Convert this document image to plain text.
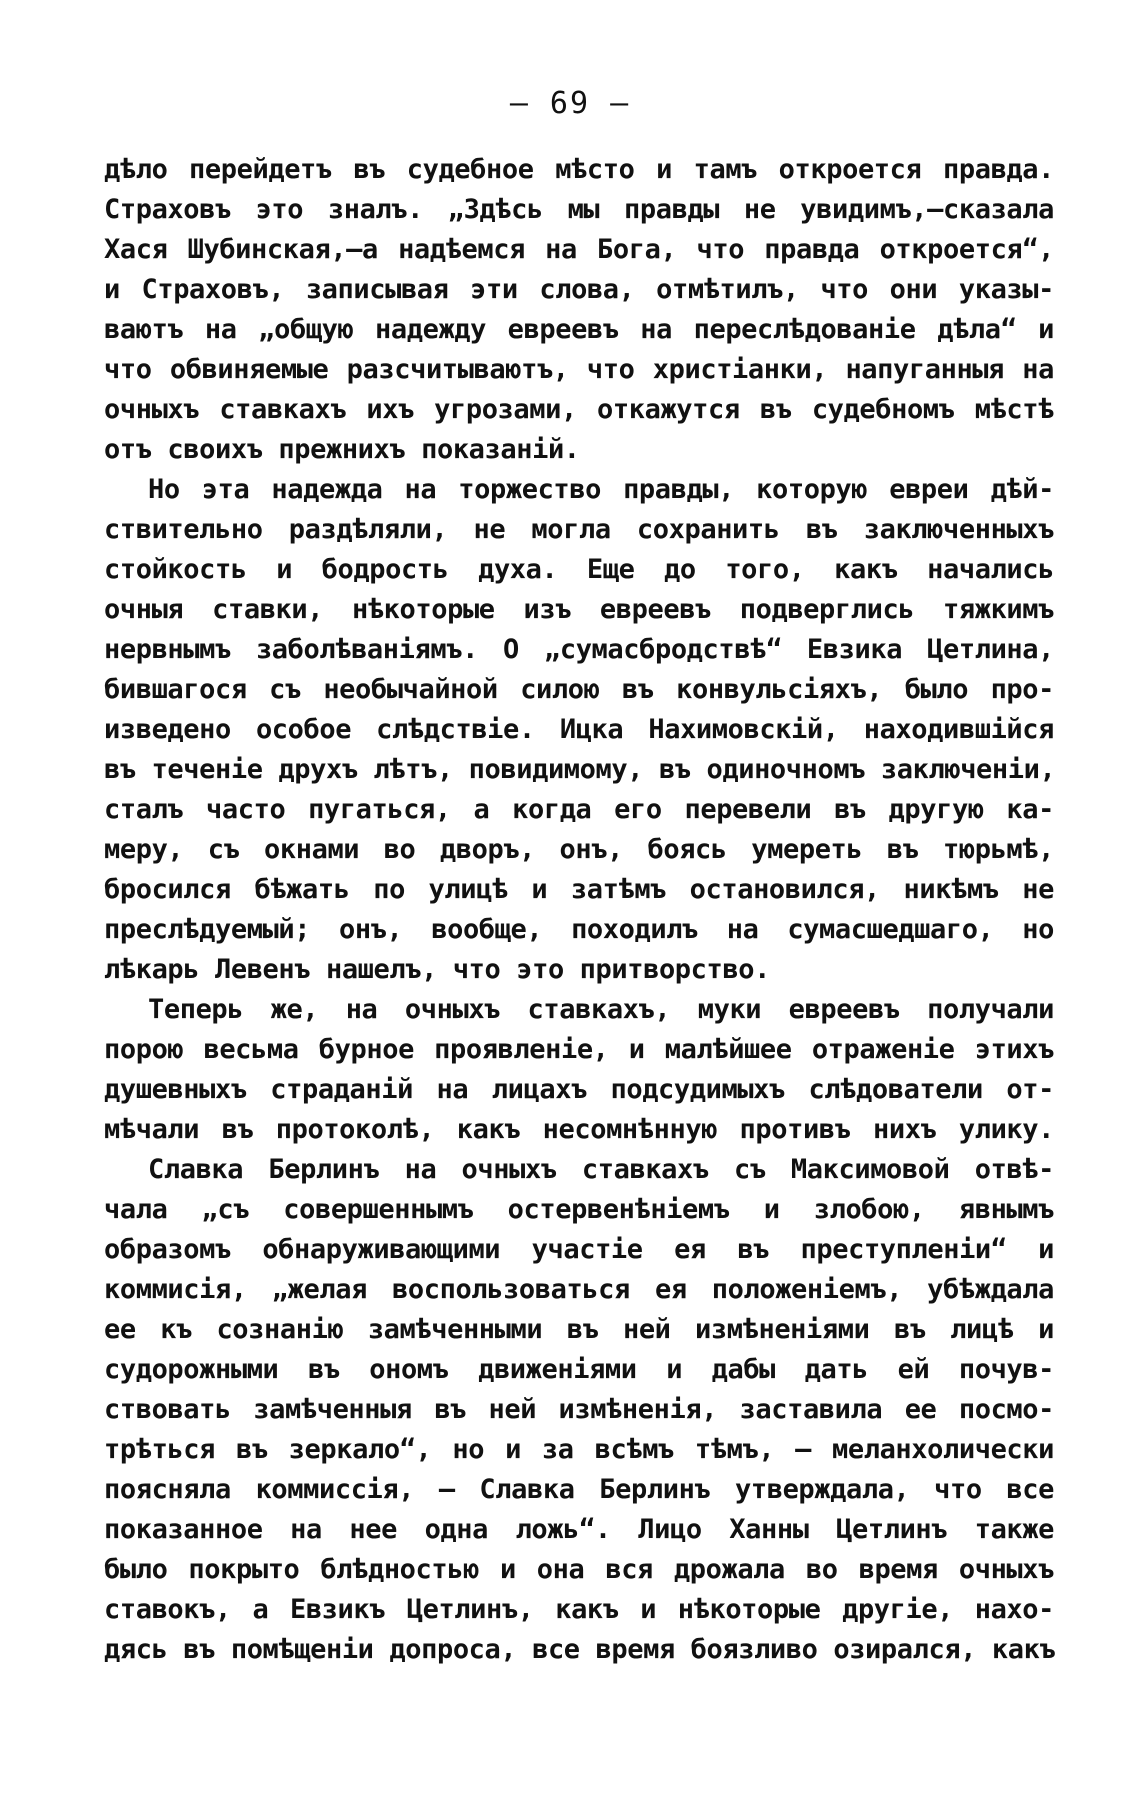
— 69 —
дѣло перейдетъ въ судебное мѣсто и тамъ откроется правда.
Страховъ это зналъ. „Здѣсь мы правды не увидимъ,—сказала
Хася Шубинская,—а надѣемся на Бога, что правда откроется“,
и Страховъ, записывая эти слова, отмѣтилъ, что они указы-
ваютъ на „общую надежду евреевъ на переслѣдованіе дѣла“ и
что обвиняемые разсчитываютъ, что христіанки, напуганныя на
очныхъ ставкахъ ихъ угрозами, откажутся въ судебномъ мѣстѣ
отъ своихъ прежнихъ показаній.
Но эта надежда на торжество правды, которую евреи дѣй-
ствительно раздѣляли, не могла сохранить въ заключенныхъ
стойкость и бодрость духа. Еще до того, какъ начались
очныя ставки, нѣкоторые изъ евреевъ подверглись тяжкимъ
нервнымъ заболѣваніямъ. О „сумасбродствѣ“ Евзика Цетлина,
бившагося съ необычайной силою въ конвульсіяхъ, было про-
изведено особое слѣдствіе. Ицка Нахимовскій, находившійся
въ теченіе друхъ лѣтъ, повидимому, въ одиночномъ заключеніи,
сталъ часто пугаться, а когда его перевели въ другую ка-
меру, съ окнами во дворъ, онъ, боясь умереть въ тюрьмѣ,
бросился бѣжать по улицѣ и затѣмъ остановился, никѣмъ не
преслѣдуемый; онъ, вообще, походилъ на сумасшедшаго, но
лѣкарь Левенъ нашелъ, что это притворство.
Теперь же, на очныхъ ставкахъ, муки евреевъ получали
порою весьма бурное проявленіе, и малѣйшее отраженіе этихъ
душевныхъ страданій на лицахъ подсудимыхъ слѣдователи от-
мѣчали въ протоколѣ, какъ несомнѣнную противъ нихъ улику.
Славка Берлинъ на очныхъ ставкахъ съ Максимовой отвѣ-
чала „съ совершеннымъ остервенѣніемъ и злобою, явнымъ
образомъ обнаруживающими участіе ея въ преступленіи“ и
коммисія, „желая воспользоваться ея положеніемъ, убѣждала
ее къ сознанію замѣченными въ ней измѣненіями въ лицѣ и
судорожными въ ономъ движеніями и дабы дать ей почув-
ствовать замѣченныя въ ней измѣненія, заставила ее посмо-
трѣться въ зеркало“, но и за всѣмъ тѣмъ, — меланхолически
поясняла коммиссія, — Славка Берлинъ утверждала, что все
показанное на нее одна ложь“. Лицо Ханны Цетлинъ также
было покрыто блѣдностью и она вся дрожала во время очныхъ
ставокъ, а Евзикъ Цетлинъ, какъ и нѣкоторые другіе, нахо-
дясь въ помѣщеніи допроса, все время боязливо озирался, какъ
